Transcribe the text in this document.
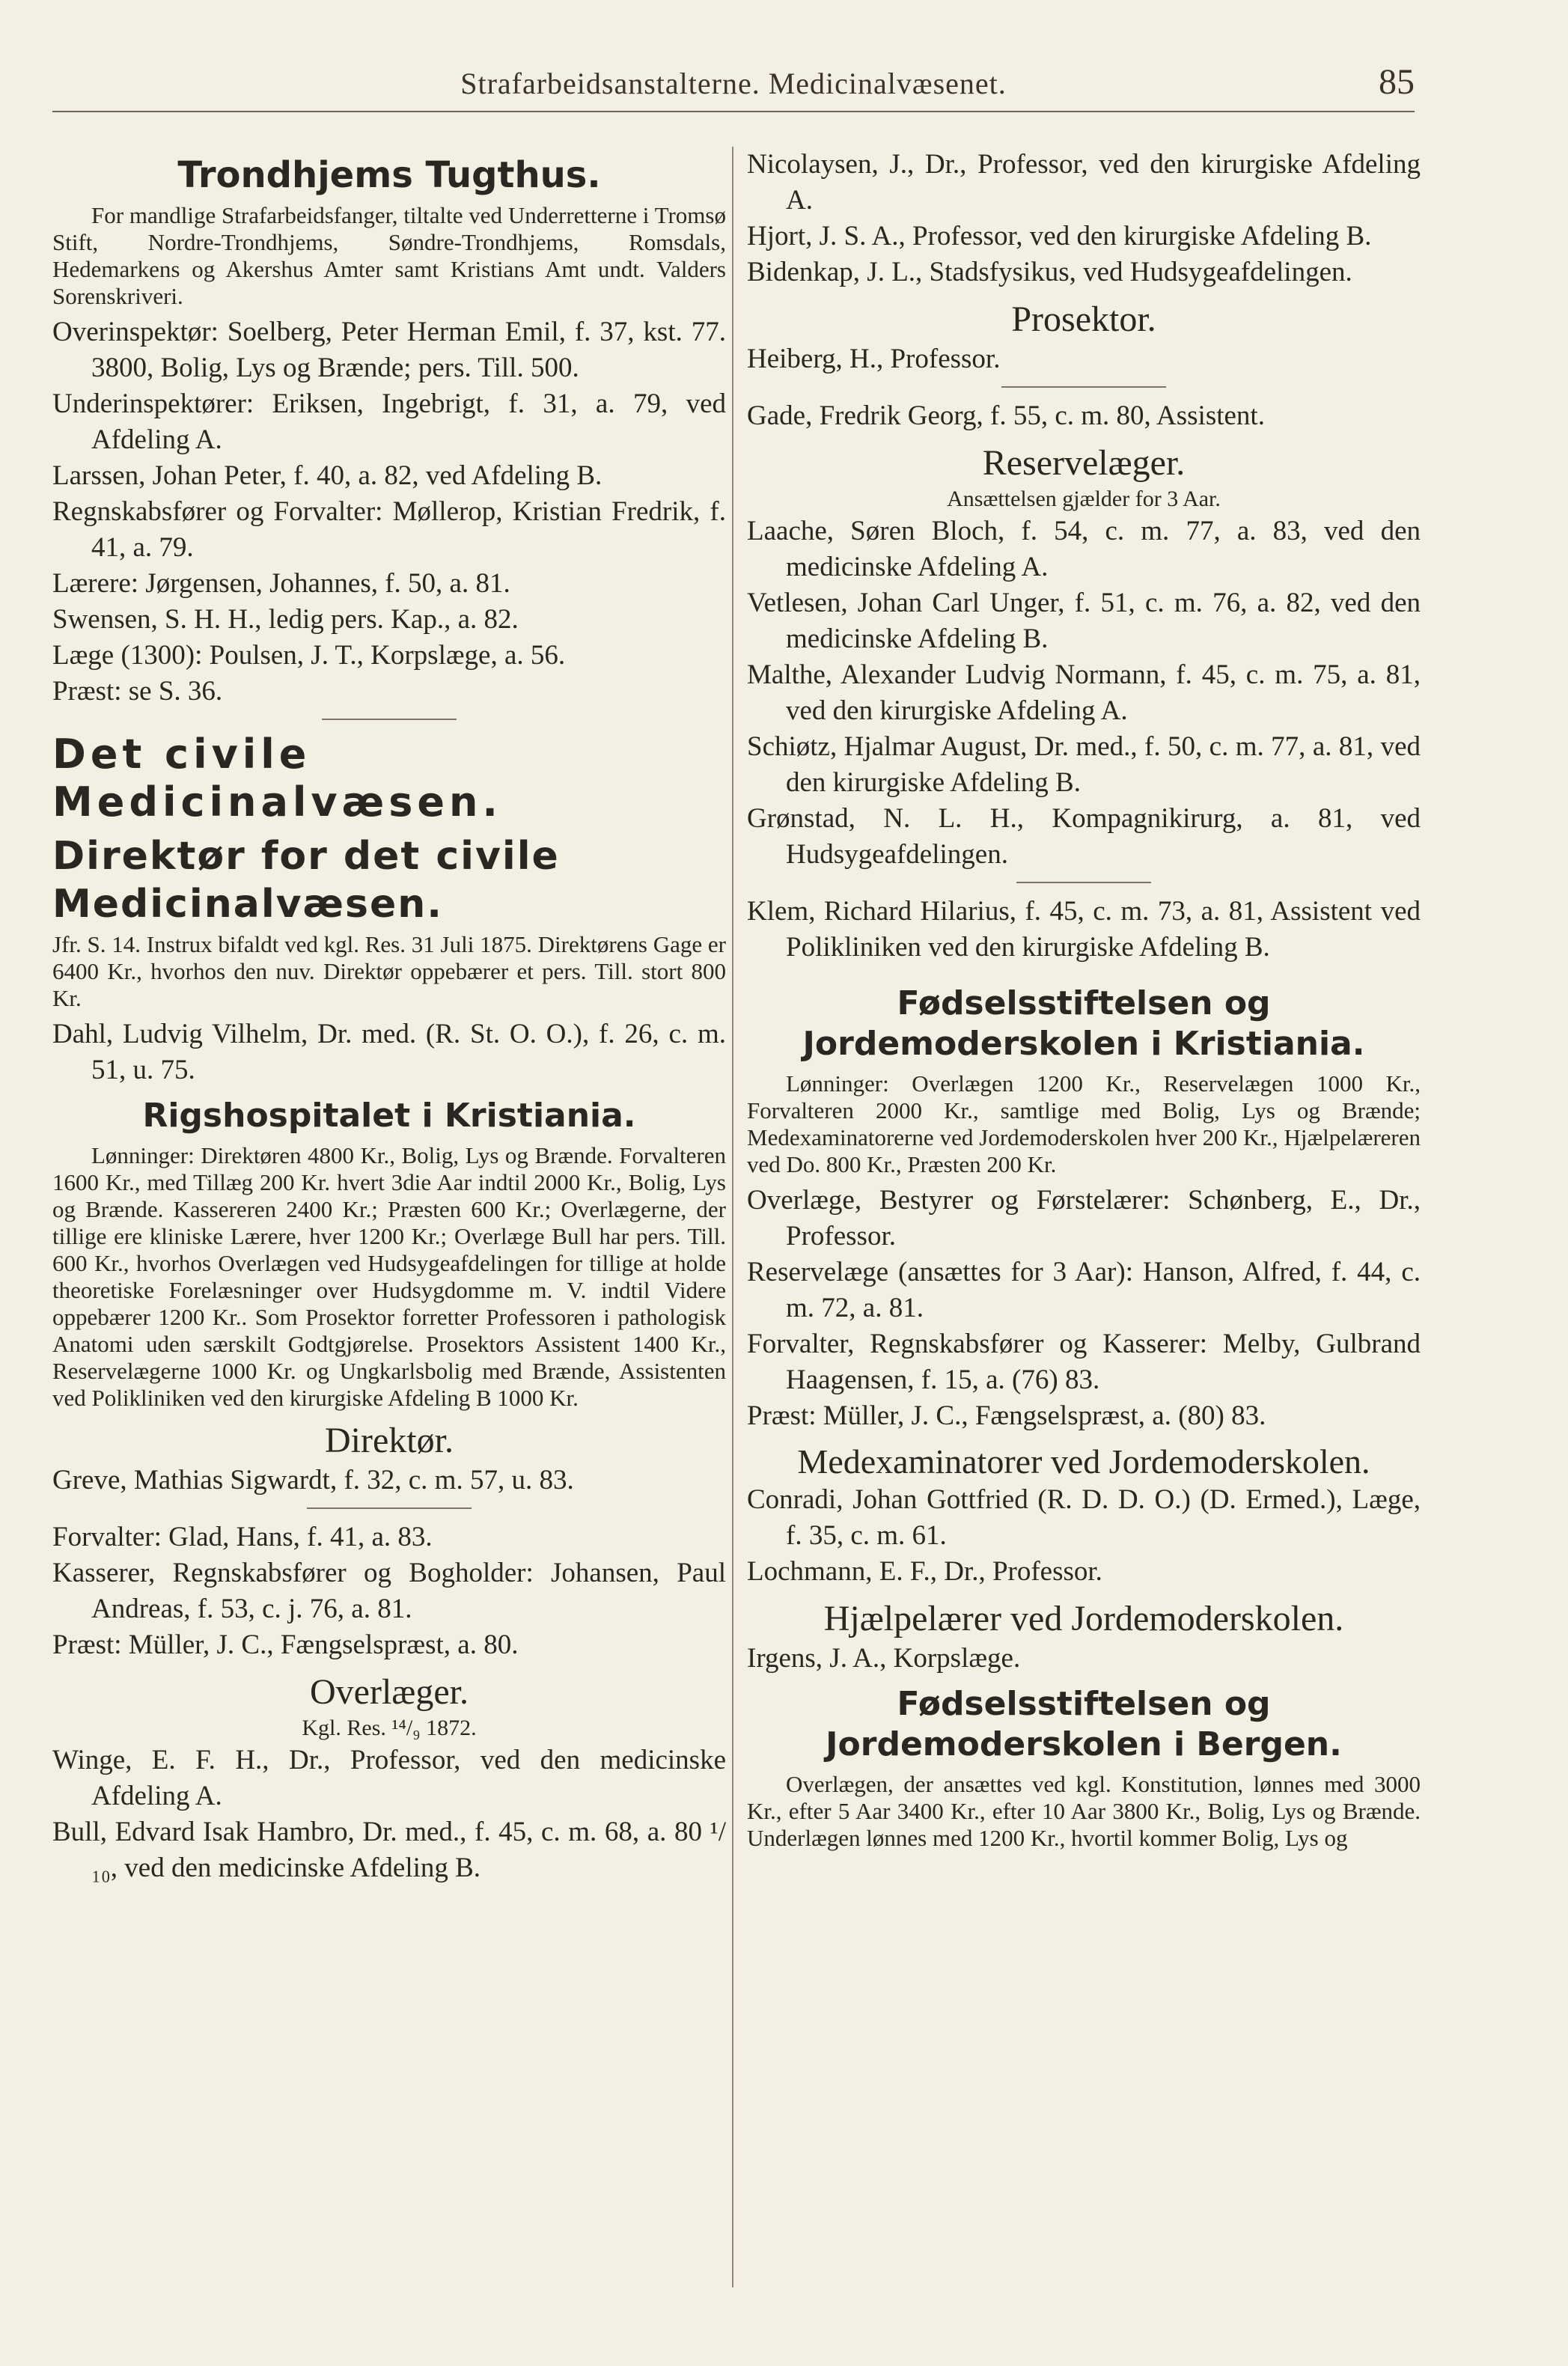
Strafarbeidsanstalterne. Medicinalvæsenet.	85
Trondhjems Tugthus.

For mandlige Strafarbeidsfanger, tiltalte ved Underretterne i Tromsø Stift, Nordre-Trondhjems, Søndre-Trondhjems, Romsdals, Hedemarkens og Akershus Amter samt Kristians Amt undt. Valders Sorenskriveri.

Overinspektør: Soelberg, Peter Herman Emil, f. 37, kst. 77. 3800, Bolig, Lys og Brænde; pers. Till. 500.

Underinspektører: Eriksen, Ingebrigt, f. 31, a. 79, ved Afdeling A.

Larssen, Johan Peter, f. 40, a. 82, ved Afdeling B.

Regnskabsfører og Forvalter: Møllerop, Kristian Fredrik, f. 41, a. 79.

Lærere: Jørgensen, Johannes, f. 50, a. 81.

Swensen, S. H. H., ledig pers. Kap., a. 82.

Læge (1300): Poulsen, J. T., Korpslæge, a. 56.

Præst: se S. 36.

Det civile Medicinalvæsen.
Direktør for det civile Medicinalvæsen.

Jfr. S. 14. Instrux bifaldt ved kgl. Res. 31 Juli 1875. Direktørens Gage er 6400 Kr., hvorhos den nuv. Direktør oppebærer et pers. Till. stort 800 Kr.

Dahl, Ludvig Vilhelm, Dr. med. (R. St. O. O.), f. 26, c. m. 51, u. 75.

Rigshospitalet i Kristiania.

Lønninger: Direktøren 4800 Kr., Bolig, Lys og Brænde. Forvalteren 1600 Kr., med Tillæg 200 Kr. hvert 3die Aar indtil 2000 Kr., Bolig, Lys og Brænde. Kassereren 2400 Kr.; Præsten 600 Kr.; Overlægerne, der tillige ere kliniske Lærere, hver 1200 Kr.; Overlæge Bull har pers. Till. 600 Kr., hvorhos Overlægen ved Hudsygeafdelingen for tillige at holde theoretiske Forelæsninger over Hudsygdomme m. V. indtil Videre oppebærer 1200 Kr.. Som Prosektor forretter Professoren i pathologisk Anatomi uden særskilt Godtgjørelse. Prosektors Assistent 1400 Kr., Reservelægerne 1000 Kr. og Ungkarlsbolig med Brænde, Assistenten ved Polikliniken ved den kirurgiske Afdeling B 1000 Kr.

Direktør.

Greve, Mathias Sigwardt, f. 32, c. m. 57, u. 83.

Forvalter: Glad, Hans, f. 41, a. 83.

Kasserer, Regnskabsfører og Bogholder: Johansen, Paul Andreas, f. 53, c. j. 76, a. 81.

Præst: Müller, J. C., Fængselspræst, a. 80.

Overlæger.

Kgl. Res. ¹⁴/₉ 1872.

Winge, E. F. H., Dr., Professor, ved den medicinske Afdeling A.

Bull, Edvard Isak Hambro, Dr. med., f. 45, c. m. 68, a. 80 ¹/₁₀, ved den medicinske Afdeling B.

Nicolaysen, J., Dr., Professor, ved den kirurgiske Afdeling A.

Hjort, J. S. A., Professor, ved den kirurgiske Afdeling B.

Bidenkap, J. L., Stadsfysikus, ved Hudsygeafdelingen.

Prosektor.

Heiberg, H., Professor.

Gade, Fredrik Georg, f. 55, c. m. 80, Assistent.

Reservelæger.

Ansættelsen gjælder for 3 Aar.

Laache, Søren Bloch, f. 54, c. m. 77, a. 83, ved den medicinske Afdeling A.

Vetlesen, Johan Carl Unger, f. 51, c. m. 76, a. 82, ved den medicinske Afdeling B.

Malthe, Alexander Ludvig Normann, f. 45, c. m. 75, a. 81, ved den kirurgiske Afdeling A.

Schiøtz, Hjalmar August, Dr. med., f. 50, c. m. 77, a. 81, ved den kirurgiske Afdeling B.

Grønstad, N. L. H., Kompagnikirurg, a. 81, ved Hudsygeafdelingen.

Klem, Richard Hilarius, f. 45, c. m. 73, a. 81, Assistent ved Polikliniken ved den kirurgiske Afdeling B.

Fødselsstiftelsen og Jordemoderskolen i Kristiania.

Lønninger: Overlægen 1200 Kr., Reservelægen 1000 Kr., Forvalteren 2000 Kr., samtlige med Bolig, Lys og Brænde; Medexaminatorerne ved Jordemoderskolen hver 200 Kr., Hjælpelæreren ved Do. 800 Kr., Præsten 200 Kr.

Overlæge, Bestyrer og Førstelærer: Schønberg, E., Dr., Professor.

Reservelæge (ansættes for 3 Aar): Hanson, Alfred, f. 44, c. m. 72, a. 81.

Forvalter, Regnskabsfører og Kasserer: Melby, Gulbrand Haagensen, f. 15, a. (76) 83.

Præst: Müller, J. C., Fængselspræst, a. (80) 83.

Medexaminatorer ved Jordemoderskolen.

Conradi, Johan Gottfried (R. D. D. O.) (D. Ermed.), Læge, f. 35, c. m. 61.

Lochmann, E. F., Dr., Professor.

Hjælpelærer ved Jordemoderskolen.

Irgens, J. A., Korpslæge.

Fødselsstiftelsen og Jordemoderskolen i Bergen.

Overlægen, der ansættes ved kgl. Konstitution, lønnes med 3000 Kr., efter 5 Aar 3400 Kr., efter 10 Aar 3800 Kr., Bolig, Lys og Brænde. Underlægen lønnes med 1200 Kr., hvortil kommer Bolig, Lys og
